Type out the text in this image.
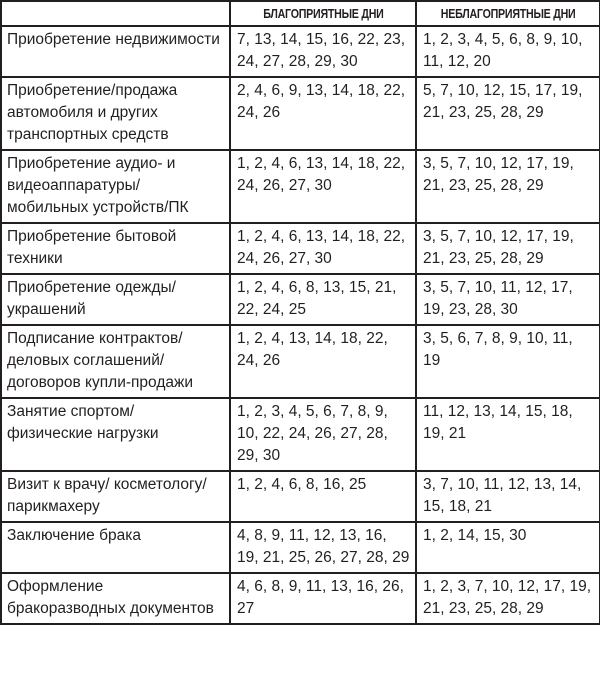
	БЛАГОПРИЯТНЫЕ ДНИ	НЕБЛАГОПРИЯТНЫЕ ДНИ
Приобретение недвижимости	7, 13, 14, 15, 16, 22, 23, 24, 27, 28, 29, 30	1, 2, 3, 4, 5, 6, 8, 9, 10, 11, 12, 20
Приобретение/продажа автомобиля и других транспортных средств	2, 4, 6, 9, 13, 14, 18, 22, 24, 26	5, 7, 10, 12, 15, 17, 19, 21, 23, 25, 28, 29
Приобретение аудио- и видеоаппаратуры/ мобильных устройств/ПК	1, 2, 4, 6, 13, 14, 18, 22, 24, 26, 27, 30	3, 5, 7, 10, 12, 17, 19, 21, 23, 25, 28, 29
Приобретение бытовой техники	1, 2, 4, 6, 13, 14, 18, 22, 24, 26, 27, 30	3, 5, 7, 10, 12, 17, 19, 21, 23, 25, 28, 29
Приобретение одежды/ украшений	1, 2, 4, 6, 8, 13, 15, 21, 22, 24, 25	3, 5, 7, 10, 11, 12, 17, 19, 23, 28, 30
Подписание контрактов/ деловых соглашений/ договоров купли-продажи	1, 2, 4, 13, 14, 18, 22, 24, 26	3, 5, 6, 7, 8, 9, 10, 11, 19
Занятие спортом/ физические нагрузки	1, 2, 3, 4, 5, 6, 7, 8, 9, 10, 22, 24, 26, 27, 28, 29, 30	11, 12, 13, 14, 15, 18, 19, 21
Визит к врачу/ косметологу/ парикмахеру	1, 2, 4, 6, 8, 16, 25	3, 7, 10, 11, 12, 13, 14, 15, 18, 21
Заключение брака	4, 8, 9, 11, 12, 13, 16, 19, 21, 25, 26, 27, 28, 29	1, 2, 14, 15, 30
Оформление бракоразводных документов	4, 6, 8, 9, 11, 13, 16, 26, 27	1, 2, 3, 7, 10, 12, 17, 19, 21, 23, 25, 28, 29
